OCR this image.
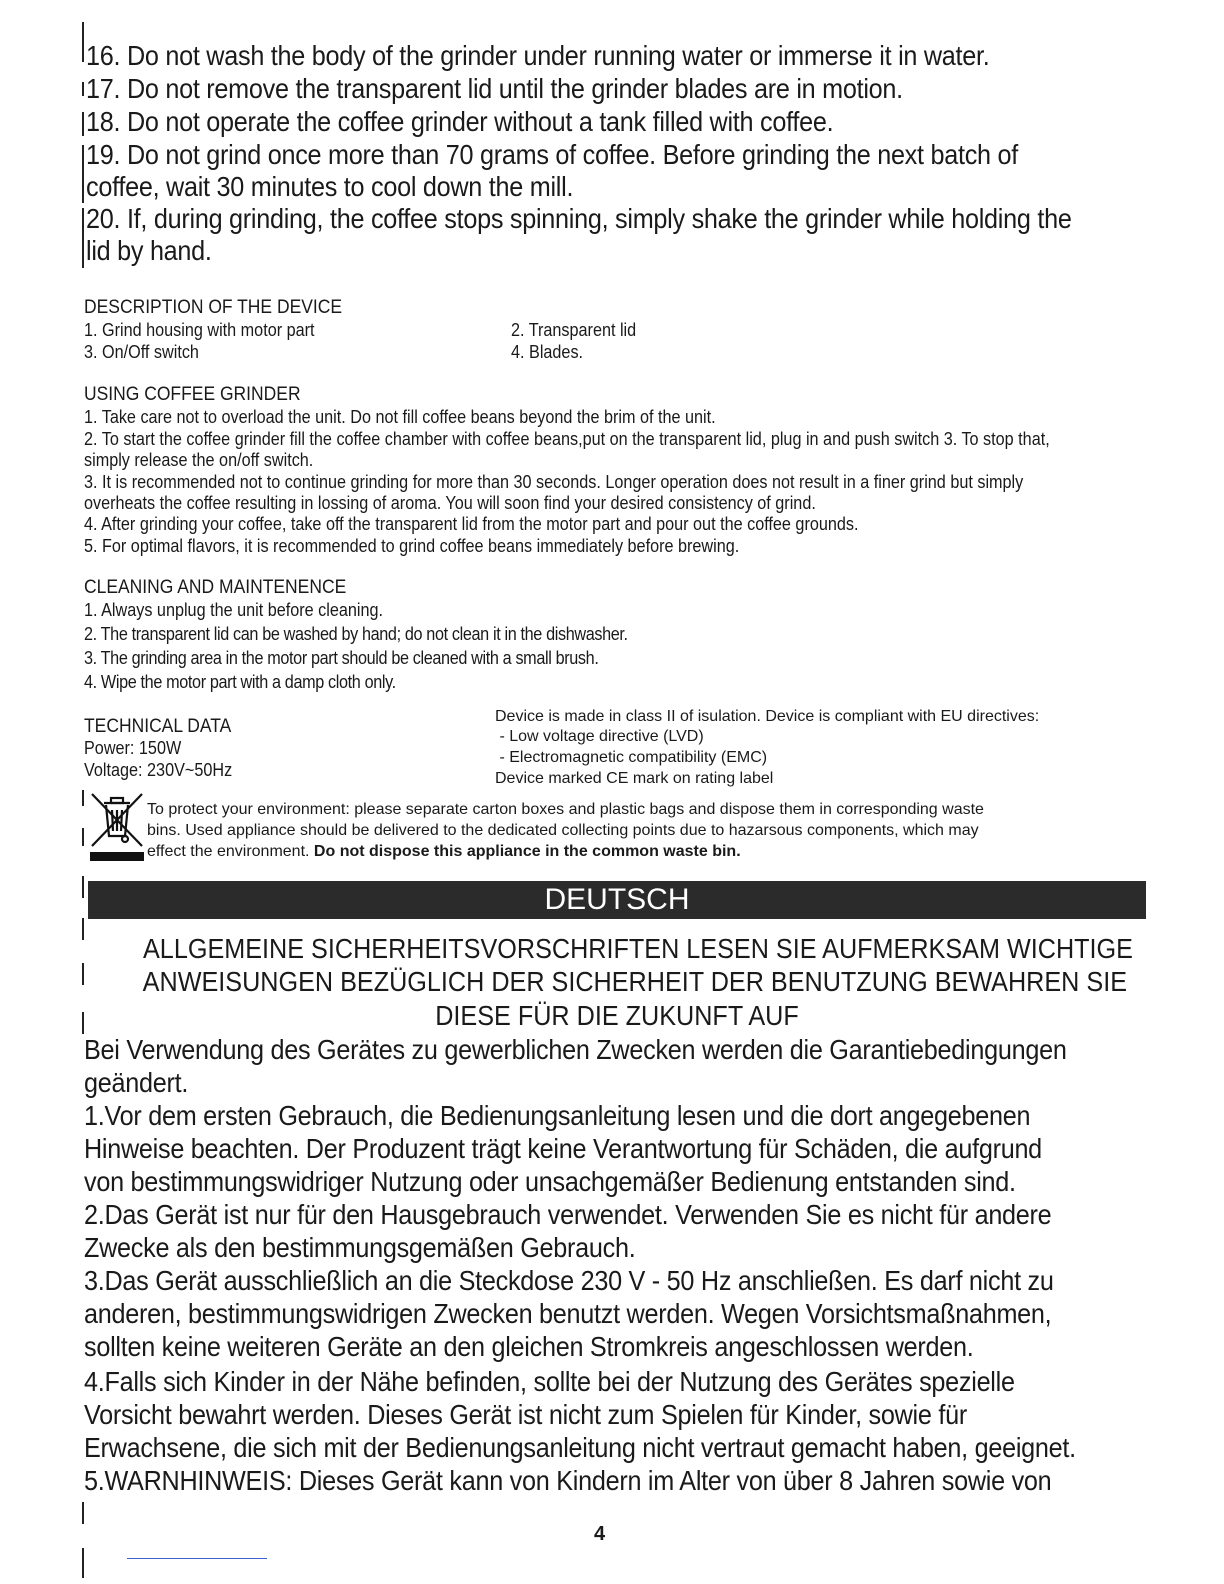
16. Do not wash the body of the grinder under running water or immerse it in water.
17. Do not remove the transparent lid until the grinder blades are in motion.
18. Do not operate the coffee grinder without a tank filled with coffee.
19. Do not grind once more than 70 grams of coffee. Before grinding the next batch of
coffee, wait 30 minutes to cool down the mill.
20. If, during grinding, the coffee stops spinning, simply shake the grinder while holding the
lid by hand.
DESCRIPTION OF THE DEVICE
1. Grind housing with motor part	2. Transparent lid
3. On/Off switch	4. Blades.
USING COFFEE GRINDER
1. Take care not to overload the unit. Do not fill coffee beans beyond the brim of the unit.
2. To start the coffee grinder fill the coffee chamber with coffee beans,put on the transparent lid, plug in and push switch 3. To stop that,
simply release the on/off switch.
3. It is recommended not to continue grinding for more than 30 seconds. Longer operation does not result in a finer grind but simply
overheats the coffee resulting in lossing of aroma. You will soon find your desired consistency of grind.
4. After grinding your coffee, take off the transparent lid from the motor part and pour out the coffee grounds.
5. For optimal flavors, it is recommended to grind coffee beans immediately before brewing.
CLEANING AND MAINTENENCE
1. Always unplug the unit before cleaning.
2. The transparent lid can be washed by hand; do not clean it in the dishwasher.
3. The grinding area in the motor part should be cleaned with a small brush.
4. Wipe the motor part with a damp cloth only.
TECHNICAL DATA
Power: 150W
Voltage: 230V~50Hz
Device is made in class II of isulation. Device is compliant with EU directives:
- Low voltage directive (LVD)
- Electromagnetic compatibility (EMC)
Device marked CE mark on rating label
To protect your environment: please separate carton boxes and plastic bags and dispose them in corresponding waste
bins. Used appliance should be delivered to the dedicated collecting points due to hazarsous components, which may
effect the environment. Do not dispose this appliance in the common waste bin.
DEUTSCH
ALLGEMEINE SICHERHEITSVORSCHRIFTEN LESEN SIE AUFMERKSAM WICHTIGE
ANWEISUNGEN BEZÜGLICH DER SICHERHEIT DER BENUTZUNG BEWAHREN SIE
DIESE FÜR DIE ZUKUNFT AUF
Bei Verwendung des Gerätes zu gewerblichen Zwecken werden die Garantiebedingungen
geändert.
1.Vor dem ersten Gebrauch, die Bedienungsanleitung lesen und die dort angegebenen
Hinweise beachten. Der Produzent trägt keine Verantwortung für Schäden, die aufgrund
von bestimmungswidriger Nutzung oder unsachgemäßer Bedienung entstanden sind.
2.Das Gerät ist nur für den Hausgebrauch verwendet. Verwenden Sie es nicht für andere
Zwecke als den bestimmungsgemäßen Gebrauch.
3.Das Gerät ausschließlich an die Steckdose 230 V - 50 Hz anschließen. Es darf nicht zu
anderen, bestimmungswidrigen Zwecken benutzt werden. Wegen Vorsichtsmaßnahmen,
sollten keine weiteren Geräte an den gleichen Stromkreis angeschlossen werden.
4.Falls sich Kinder in der Nähe befinden, sollte bei der Nutzung des Gerätes spezielle
Vorsicht bewahrt werden. Dieses Gerät ist nicht zum Spielen für Kinder, sowie für
Erwachsene, die sich mit der Bedienungsanleitung nicht vertraut gemacht haben, geeignet.
5.WARNHINWEIS: Dieses Gerät kann von Kindern im Alter von über 8 Jahren sowie von
4
